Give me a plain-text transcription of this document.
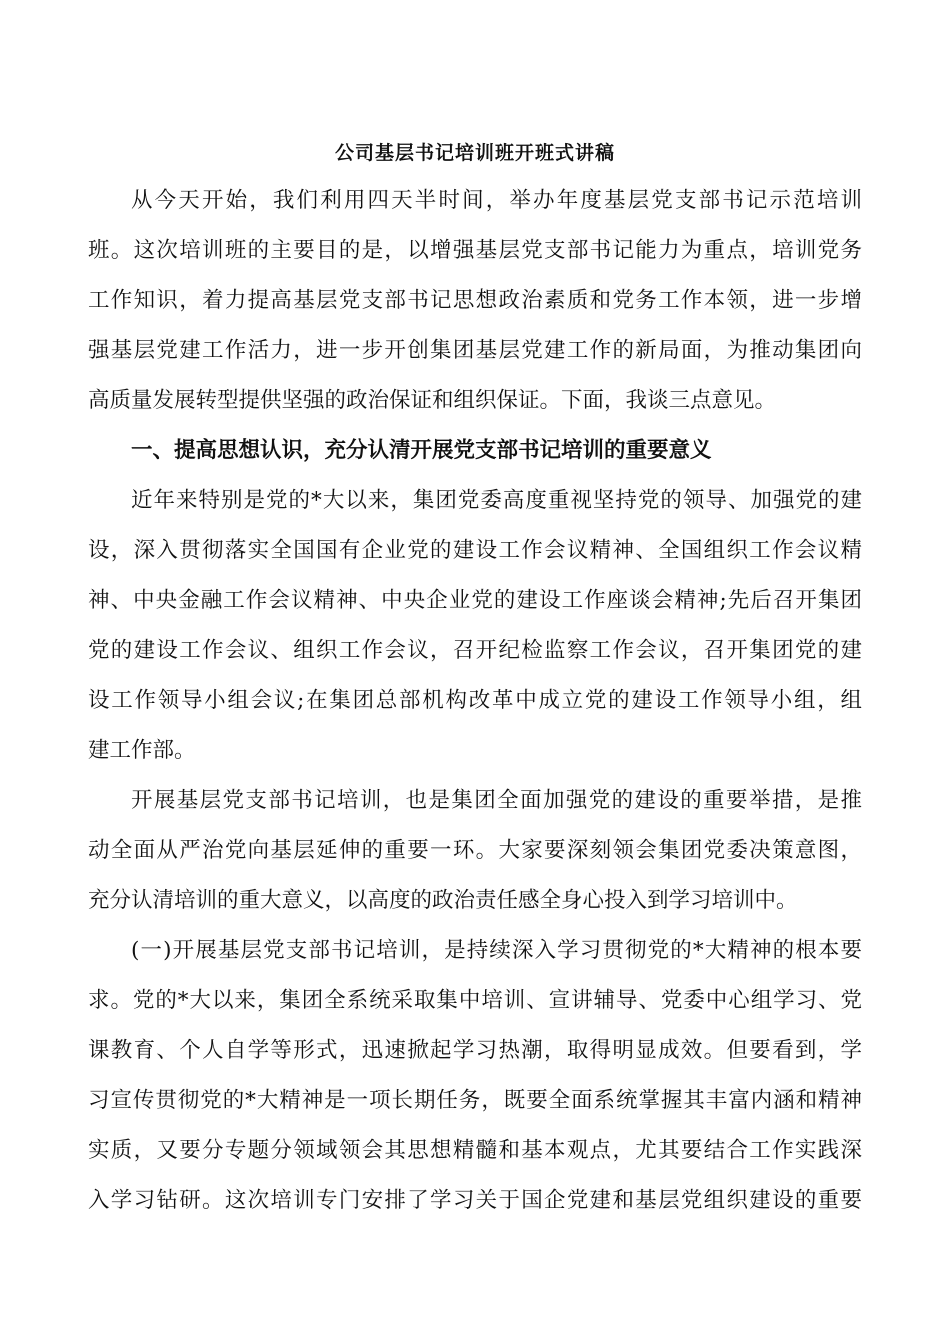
公司基层书记培训班开班式讲稿
从今天开始，我们利用四天半时间，举办年度基层党支部书记示范培训
班。这次培训班的主要目的是，以增强基层党支部书记能力为重点，培训党务
工作知识，着力提高基层党支部书记思想政治素质和党务工作本领，进一步增
强基层党建工作活力，进一步开创集团基层党建工作的新局面，为推动集团向
高质量发展转型提供坚强的政治保证和组织保证。下面，我谈三点意见。
一、提高思想认识，充分认清开展党支部书记培训的重要意义
近年来特别是党的*大以来，集团党委高度重视坚持党的领导、加强党的建
设，深入贯彻落实全国国有企业党的建设工作会议精神、全国组织工作会议精
神、中央金融工作会议精神、中央企业党的建设工作座谈会精神;先后召开集团
党的建设工作会议、组织工作会议，召开纪检监察工作会议，召开集团党的建
设工作领导小组会议;在集团总部机构改革中成立党的建设工作领导小组，组
建工作部。
开展基层党支部书记培训，也是集团全面加强党的建设的重要举措，是推
动全面从严治党向基层延伸的重要一环。大家要深刻领会集团党委决策意图，
充分认清培训的重大意义，以高度的政治责任感全身心投入到学习培训中。
(一)开展基层党支部书记培训，是持续深入学习贯彻党的*大精神的根本要
求。党的*大以来，集团全系统采取集中培训、宣讲辅导、党委中心组学习、党
课教育、个人自学等形式，迅速掀起学习热潮，取得明显成效。但要看到，学
习宣传贯彻党的*大精神是一项长期任务，既要全面系统掌握其丰富内涵和精神
实质，又要分专题分领域领会其思想精髓和基本观点，尤其要结合工作实践深
入学习钻研。这次培训专门安排了学习关于国企党建和基层党组织建设的重要
